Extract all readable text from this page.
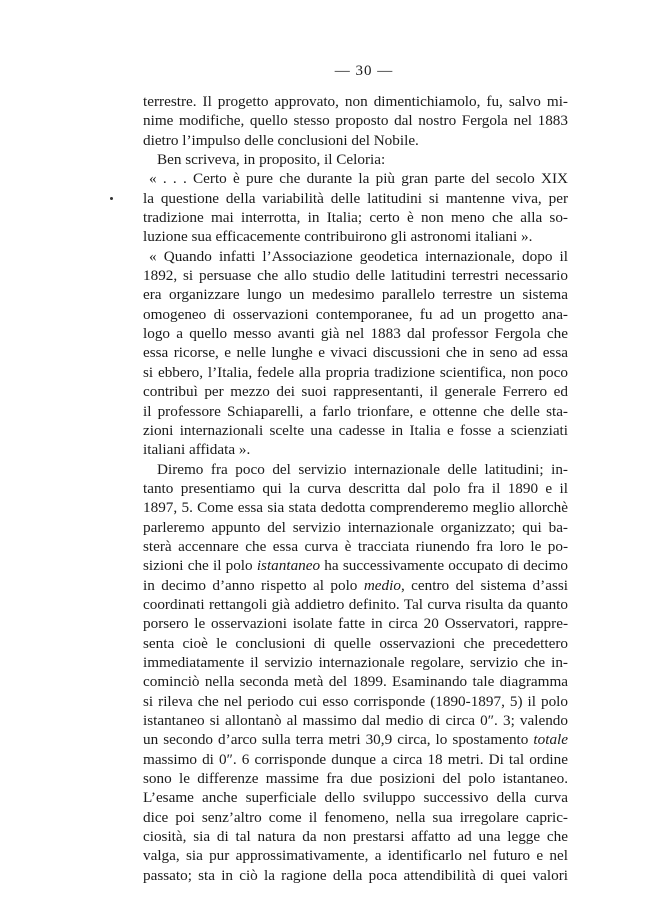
— 30 —
terrestre. Il progetto approvato, non dimentichiamolo, fu, salvo mi-
nime modifiche, quello stesso proposto dal nostro Fergola nel 1883
dietro l’impulso delle conclusioni del Nobile.
Ben scriveva, in proposito, il Celoria:
« . . . Certo è pure che durante la più gran parte del secolo XIX
la questione della variabilità delle latitudini si mantenne viva, per
tradizione mai interrotta, in Italia; certo è non meno che alla so-
luzione sua efficacemente contribuirono gli astronomi italiani ».
« Quando infatti l’Associazione geodetica internazionale, dopo il
1892, si persuase che allo studio delle latitudini terrestri necessario
era organizzare lungo un medesimo parallelo terrestre un sistema
omogeneo di osservazioni contemporanee, fu ad un progetto ana-
logo a quello messo avanti già nel 1883 dal professor Fergola che
essa ricorse, e nelle lunghe e vivaci discussioni che in seno ad essa
si ebbero, l’Italia, fedele alla propria tradizione scientifica, non poco
contribuì per mezzo dei suoi rappresentanti, il generale Ferrero ed
il professore Schiaparelli, a farlo trionfare, e ottenne che delle sta-
zioni internazionali scelte una cadesse in Italia e fosse a scienziati
italiani affidata ».
Diremo fra poco del servizio internazionale delle latitudini; in-
tanto presentiamo qui la curva descritta dal polo fra il 1890 e il
1897, 5. Come essa sia stata dedotta comprenderemo meglio allorchè
parleremo appunto del servizio internazionale organizzato; qui ba-
sterà accennare che essa curva è tracciata riunendo fra loro le po-
sizioni che il polo istantaneo ha successivamente occupato di decimo
in decimo d’anno rispetto al polo medio, centro del sistema d’assi
coordinati rettangoli già addietro definito. Tal curva risulta da quanto
porsero le osservazioni isolate fatte in circa 20 Osservatori, rappre-
senta cioè le conclusioni di quelle osservazioni che precedettero
immediatamente il servizio internazionale regolare, servizio che in-
cominciò nella seconda metà del 1899. Esaminando tale diagramma
si rileva che nel periodo cui esso corrisponde (1890-1897, 5) il polo
istantaneo si allontanò al massimo dal medio di circa 0″. 3; valendo
un secondo d’arco sulla terra metri 30,9 circa, lo spostamento totale
massimo di 0″. 6 corrisponde dunque a circa 18 metri. Di tal ordine
sono le differenze massime fra due posizioni del polo istantaneo.
L’esame anche superficiale dello sviluppo successivo della curva
dice poi senz’altro come il fenomeno, nella sua irregolare capric-
ciosità, sia di tal natura da non prestarsi affatto ad una legge che
valga, sia pur approssimativamente, a identificarlo nel futuro e nel
passato; sta in ciò la ragione della poca attendibilità di quei valori
